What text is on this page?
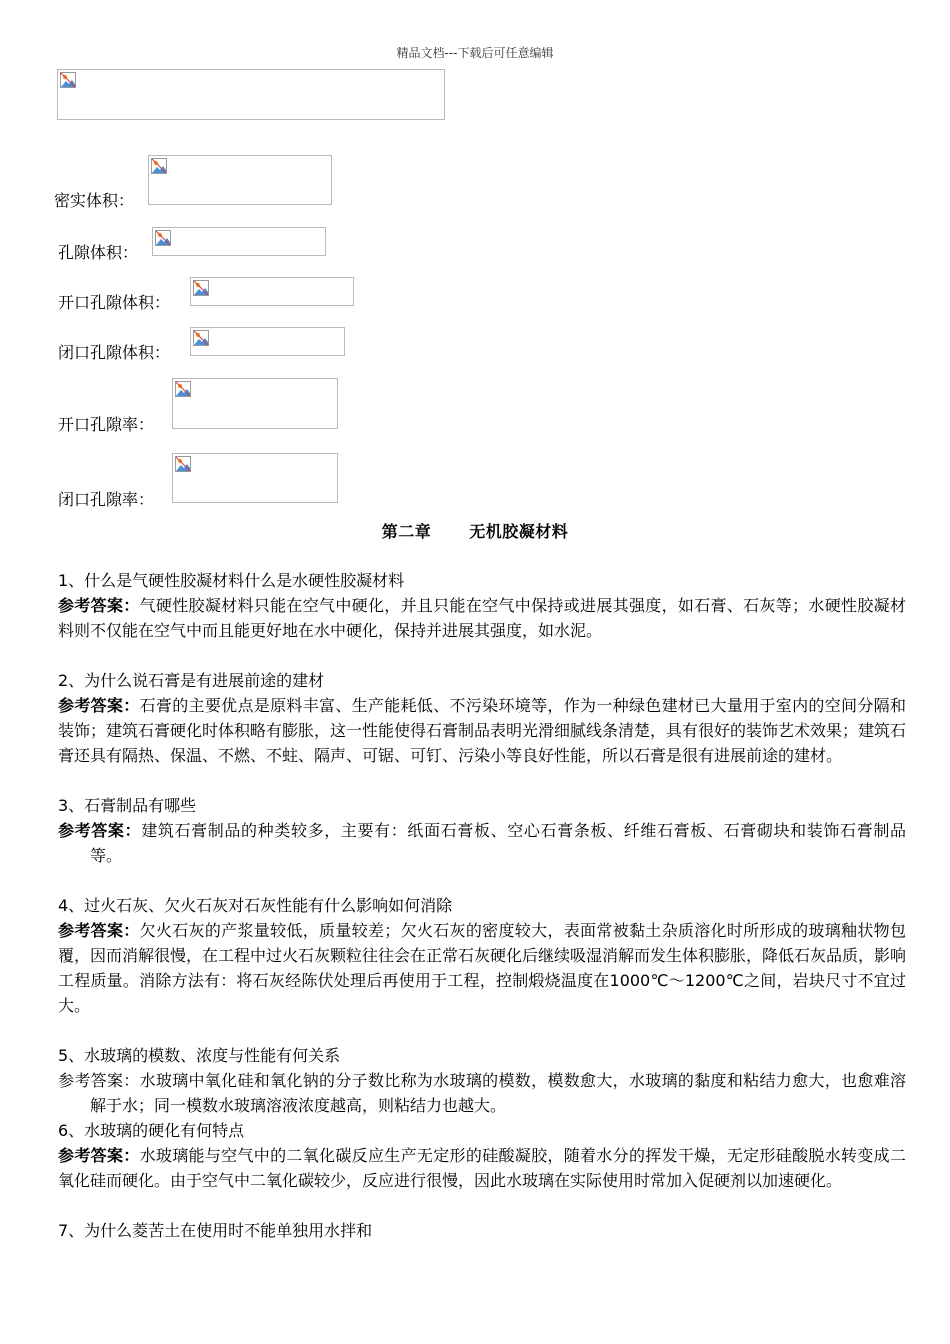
精品文档---下载后可任意编辑
密实体积：
孔隙体积：
开口孔隙体积：
闭口孔隙体积：
开口孔隙率：
闭口孔隙率：
第二章 无机胶凝材料

1、什么是气硬性胶凝材料什么是水硬性胶凝材料

参考答案：气硬性胶凝材料只能在空气中硬化，并且只能在空气中保持或进展其强度，如石膏、石灰等；水硬性胶凝材料则不仅能在空气中而且能更好地在水中硬化，保持并进展其强度，如水泥。

2、为什么说石膏是有进展前途的建材

参考答案：石膏的主要优点是原料丰富、生产能耗低、不污染环境等，作为一种绿色建材已大量用于室内的空间分隔和装饰；建筑石膏硬化时体积略有膨胀，这一性能使得石膏制品表明光滑细腻线条清楚，具有很好的装饰艺术效果；建筑石膏还具有隔热、保温、不燃、不蛀、隔声、可锯、可钉、污染小等良好性能，所以石膏是很有进展前途的建材。

3、石膏制品有哪些

参考答案：建筑石膏制品的种类较多，主要有：纸面石膏板、空心石膏条板、纤维石膏板、石膏砌块和装饰石膏制品等。

4、过火石灰、欠火石灰对石灰性能有什么影响如何消除

参考答案：欠火石灰的产浆量较低，质量较差；欠火石灰的密度较大，表面常被黏土杂质溶化时所形成的玻璃釉状物包覆，因而消解很慢，在工程中过火石灰颗粒往往会在正常石灰硬化后继续吸湿消解而发生体积膨胀，降低石灰品质，影响工程质量。消除方法有：将石灰经陈伏处理后再使用于工程，控制煅烧温度在1000℃～1200℃之间，岩块尺寸不宜过大。

5、水玻璃的模数、浓度与性能有何关系

参考答案：水玻璃中氧化硅和氧化钠的分子数比称为水玻璃的模数，模数愈大，水玻璃的黏度和粘结力愈大，也愈难溶解于水；同一模数水玻璃溶液浓度越高，则粘结力也越大。

6、水玻璃的硬化有何特点

参考答案：水玻璃能与空气中的二氧化碳反应生产无定形的硅酸凝胶，随着水分的挥发干燥，无定形硅酸脱水转变成二氧化硅而硬化。由于空气中二氧化碳较少，反应进行很慢，因此水玻璃在实际使用时常加入促硬剂以加速硬化。

7、为什么菱苦土在使用时不能单独用水拌和
